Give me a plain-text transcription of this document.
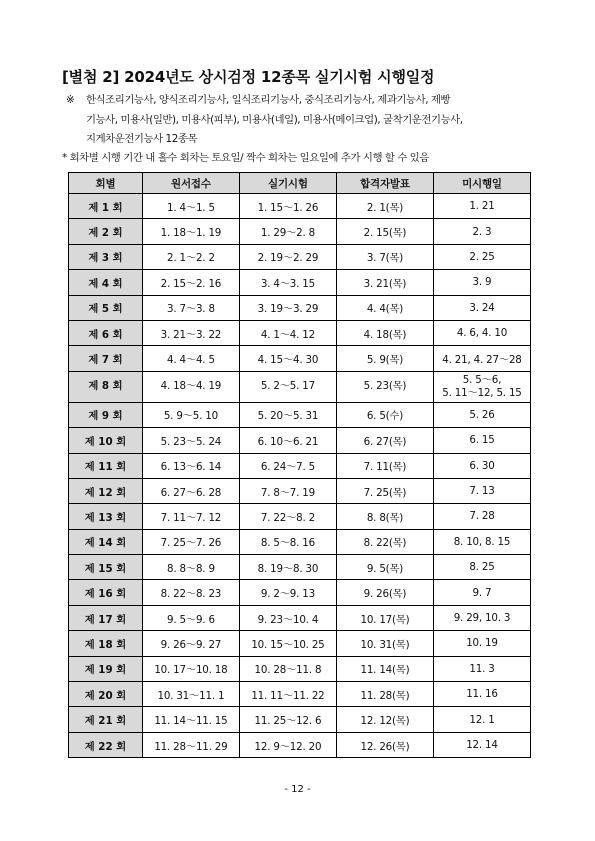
[별첨 2] 2024년도 상시검정 12종목 실기시험 시행일정
※ 한식조리기능사, 양식조리기능사, 일식조리기능사, 중식조리기능사, 제과기능사, 제빵
기능사, 미용사(일반), 미용사(피부), 미용사(네일), 미용사(메이크업), 굴착기운전기능사,
지게차운전기능사 12종목
* 회차별 시행 기간 내 홀수 회차는 토요일/ 짝수 회차는 일요일에 추가 시행 할 수 있음
회별	원서접수	실기시험	합격자발표	미시행일
제 1 회	1. 4～1. 5	1. 15～1. 26	2. 1(목)	1. 21
제 2 회	1. 18～1. 19	1. 29～2. 8	2. 15(목)	2. 3
제 3 회	2. 1～2. 2	2. 19～2. 29	3. 7(목)	2. 25
제 4 회	2. 15～2. 16	3. 4～3. 15	3. 21(목)	3. 9
제 5 회	3. 7～3. 8	3. 19～3. 29	4. 4(목)	3. 24
제 6 회	3. 21～3. 22	4. 1～4. 12	4. 18(목)	4. 6, 4. 10
제 7 회	4. 4～4. 5	4. 15～4. 30	5. 9(목)	4. 21, 4. 27～28
제 8 회	4. 18～4. 19	5. 2～5. 17	5. 23(목)	5. 5～6,
5. 11～12, 5. 15
제 9 회	5. 9～5. 10	5. 20～5. 31	6. 5(수)	5. 26
제 10 회	5. 23～5. 24	6. 10～6. 21	6. 27(목)	6. 15
제 11 회	6. 13～6. 14	6. 24～7. 5	7. 11(목)	6. 30
제 12 회	6. 27～6. 28	7. 8～7. 19	7. 25(목)	7. 13
제 13 회	7. 11～7. 12	7. 22～8. 2	8. 8(목)	7. 28
제 14 회	7. 25～7. 26	8. 5～8. 16	8. 22(목)	8. 10, 8. 15
제 15 회	8. 8～8. 9	8. 19～8. 30	9. 5(목)	8. 25
제 16 회	8. 22～8. 23	9. 2～9. 13	9. 26(목)	9. 7
제 17 회	9. 5～9. 6	9. 23～10. 4	10. 17(목)	9. 29, 10. 3
제 18 회	9. 26～9. 27	10. 15～10. 25	10. 31(목)	10. 19
제 19 회	10. 17～10. 18	10. 28～11. 8	11. 14(목)	11. 3
제 20 회	10. 31～11. 1	11. 11～11. 22	11. 28(목)	11. 16
제 21 회	11. 14～11. 15	11. 25～12. 6	12. 12(목)	12. 1
제 22 회	11. 28～11. 29	12. 9～12. 20	12. 26(목)	12. 14
- 12 -
